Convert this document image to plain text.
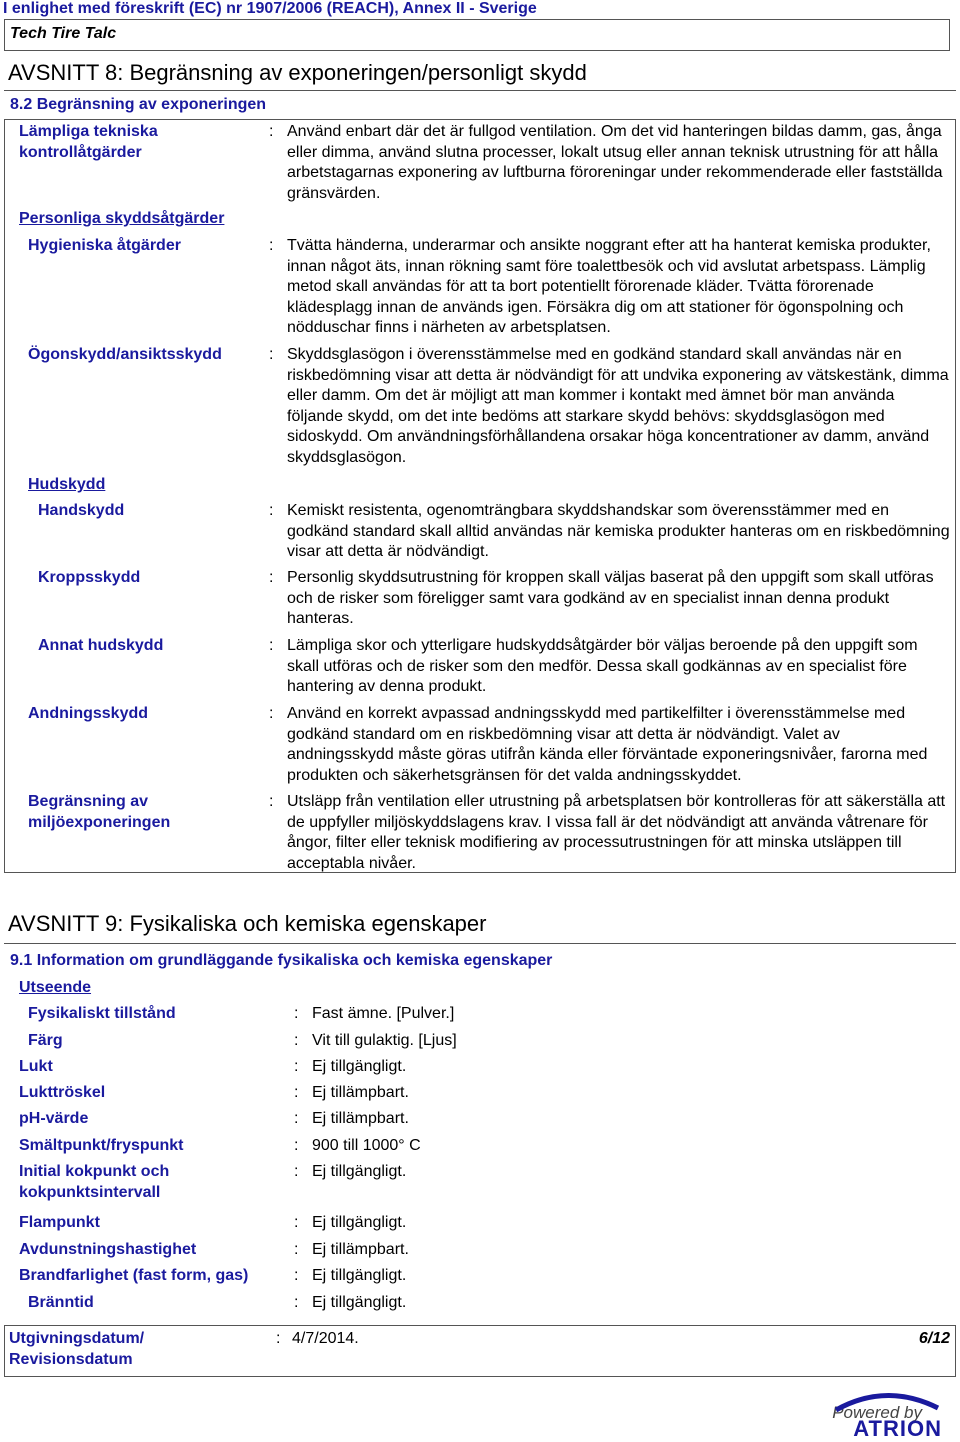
I enlighet med föreskrift (EC) nr 1907/2006 (REACH), Annex II - Sverige
Tech Tire Talc
AVSNITT 8: Begränsning av exponeringen/personligt skydd
8.2 Begränsning av exponeringen
Lämpliga tekniska kontrollåtgärder
: Använd enbart där det är fullgod ventilation. Om det vid hanteringen bildas damm, gas, ånga eller dimma, använd slutna processer, lokalt utsug eller annan teknisk utrustning för att hålla arbetstagarnas exponering av luftburna föroreningar under rekommenderade eller fastställda gränsvärden.
Personliga skyddsåtgärder
Hygieniska åtgärder	: Tvätta händerna, underarmar och ansikte noggrant efter att ha hanterat kemiska produkter, innan något äts, innan rökning samt före toalettbesök och vid avslutat arbetspass. Lämplig metod skall användas för att ta bort potentiellt förorenade kläder. Tvätta förorenade klädesplagg innan de används igen. Försäkra dig om att stationer för ögonspolning och nödduschar finns i närheten av arbetsplatsen.
Ögonskydd/ansiktsskydd	: Skyddsglasögon i överensstämmelse med en godkänd standard skall användas när en riskbedömning visar att detta är nödvändigt för att undvika exponering av vätskestänk, dimma eller damm. Om det är möjligt att man kommer i kontakt med ämnet bör man använda följande skydd, om det inte bedöms att starkare skydd behövs: skyddsglasögon med sidoskydd. Om användningsförhållandena orsakar höga koncentrationer av damm, använd skyddsglasögon.
Hudskydd
Handskydd	: Kemiskt resistenta, ogenomträngbara skyddshandskar som överensstämmer med en godkänd standard skall alltid användas när kemiska produkter hanteras om en riskbedömning visar att detta är nödvändigt.
Kroppsskydd	: Personlig skyddsutrustning för kroppen skall väljas baserat på den uppgift som skall utföras och de risker som föreligger samt vara godkänd av en specialist innan denna produkt hanteras.
Annat hudskydd	: Lämpliga skor och ytterligare hudskyddsåtgärder bör väljas beroende på den uppgift som skall utföras och de risker som den medför. Dessa skall godkännas av en specialist före hantering av denna produkt.
Andningsskydd	: Använd en korrekt avpassad andningsskydd med partikelfilter i överensstämmelse med godkänd standard om en riskbedömning visar att detta är nödvändigt. Valet av andningsskydd måste göras utifrån kända eller förväntade exponeringsnivåer, farorna med produkten och säkerhetsgränsen för det valda andningsskyddet.
Begränsning av miljöexponeringen
: Utsläpp från ventilation eller utrustning på arbetsplatsen bör kontrolleras för att säkerställa att de uppfyller miljöskyddslagens krav. I vissa fall är det nödvändigt att använda våtrenare för ångor, filter eller teknisk modifiering av processutrustningen för att minska utsläppen till acceptabla nivåer.
AVSNITT 9: Fysikaliska och kemiska egenskaper
9.1 Information om grundläggande fysikaliska och kemiska egenskaper
Utseende
Fysikaliskt tillstånd	: Fast ämne. [Pulver.]
Färg	: Vit till gulaktig. [Ljus]
Lukt	: Ej tillgängligt.
Lukttröskel	: Ej tillämpbart.
pH-värde	: Ej tillämpbart.
Smältpunkt/fryspunkt	: 900 till 1000° C
Initial kokpunkt och kokpunktsintervall
: Ej tillgängligt.
Flampunkt	: Ej tillgängligt.
Avdunstningshastighet	: Ej tillämpbart.
Brandfarlighet (fast form, gas)	: Ej tillgängligt.
Bränntid	: Ej tillgängligt.
Utgivningsdatum/ Revisionsdatum
: 4/7/2014.	6/12
Powered by
ATRION
